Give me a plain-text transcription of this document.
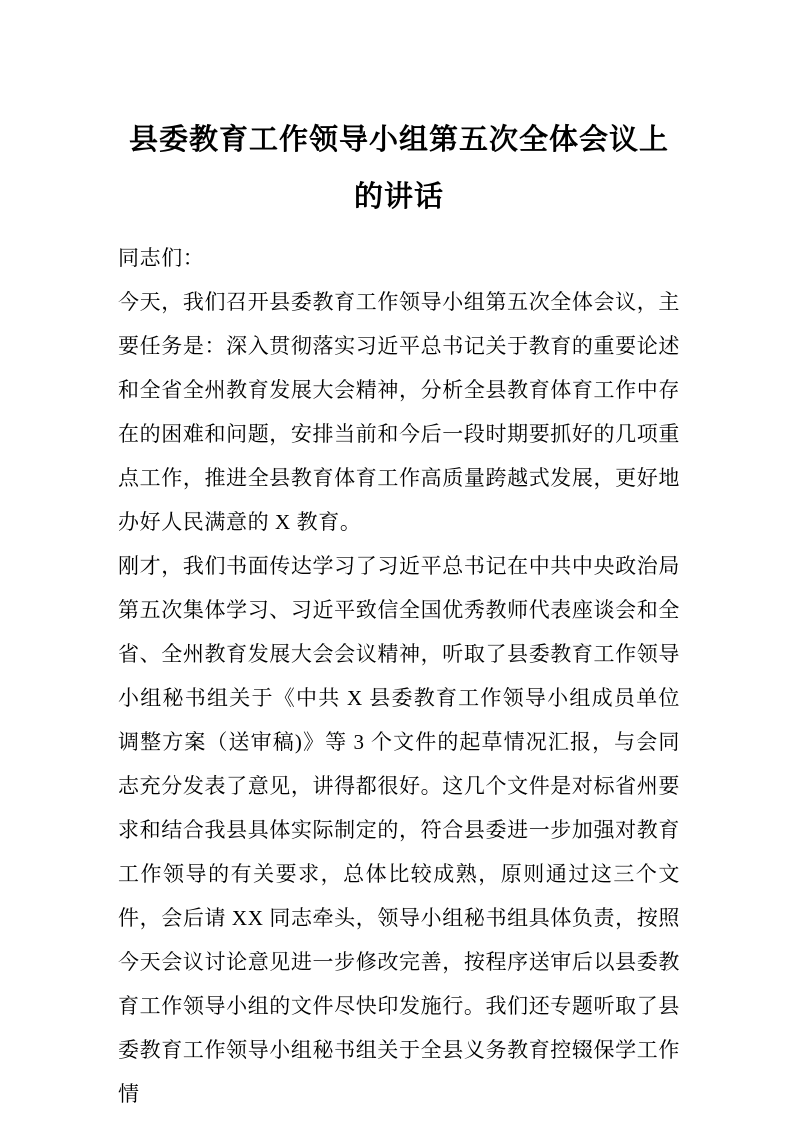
县委教育工作领导小组第五次全体会议上
的讲话

同志们：

今天，我们召开县委教育工作领导小组第五次全体会议，主要任务是：深入贯彻落实习近平总书记关于教育的重要论述和全省全州教育发展大会精神，分析全县教育体育工作中存在的困难和问题，安排当前和今后一段时期要抓好的几项重点工作，推进全县教育体育工作高质量跨越式发展，更好地办好人民满意的 X 教育。

刚才，我们书面传达学习了习近平总书记在中共中央政治局第五次集体学习、习近平致信全国优秀教师代表座谈会和全省、全州教育发展大会会议精神，听取了县委教育工作领导小组秘书组关于《中共 X 县委教育工作领导小组成员单位调整方案（送审稿)》等 3 个文件的起草情况汇报，与会同志充分发表了意见，讲得都很好。这几个文件是对标省州要求和结合我县具体实际制定的，符合县委进一步加强对教育工作领导的有关要求，总体比较成熟，原则通过这三个文件，会后请 XX 同志牵头，领导小组秘书组具体负责，按照今天会议讨论意见进一步修改完善，按程序送审后以县委教育工作领导小组的文件尽快印发施行。我们还专题听取了县委教育工作领导小组秘书组关于全县义务教育控辍保学工作情
